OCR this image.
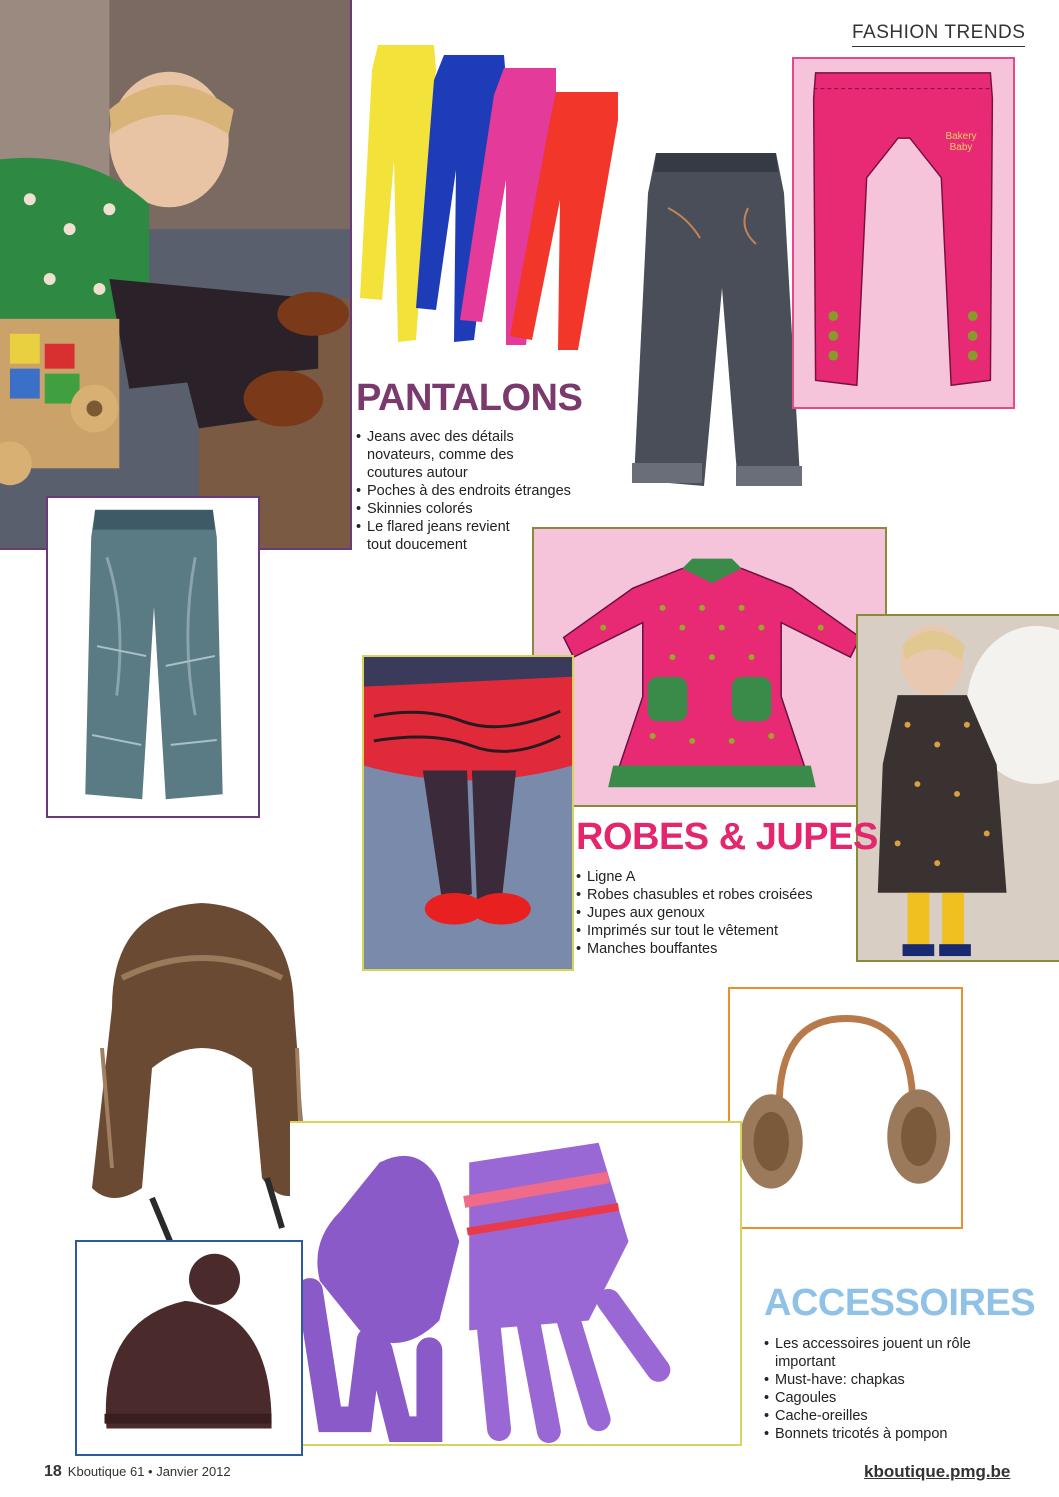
FASHION TRENDS
Bakery Baby
PANTALONS
• Jeans avec des détails
novateurs, comme des
coutures autour
• Poches à des endroits étranges
• Skinnies colorés
• Le flared jeans revient
tout doucement
ROBES & JUPES
• Ligne A
• Robes chasubles et robes croisées
• Jupes aux genoux
• Imprimés sur tout le vêtement
• Manches bouffantes
ACCESSOIRES
• Les accessoires jouent un rôle
important
• Must-have: chapkas
• Cagoules
• Cache-oreilles
• Bonnets tricotés à pompon
18 Kboutique 61 • Janvier 2012	kboutique.pmg.be
